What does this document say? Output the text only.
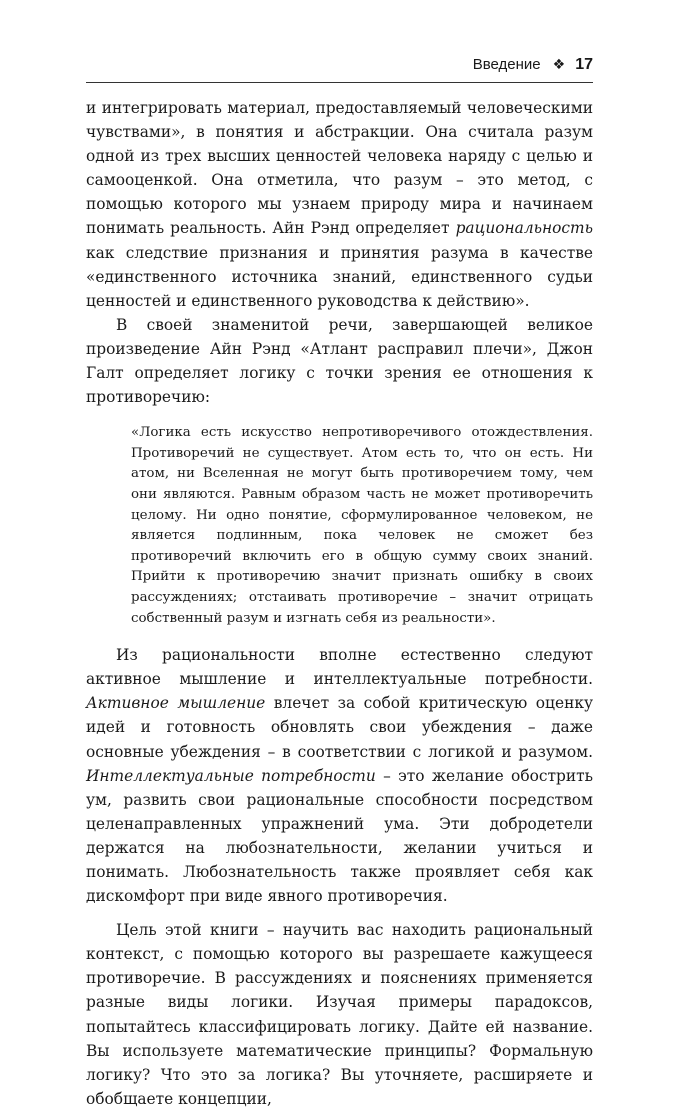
Введение ❖ 17

и интегрировать материал, предоставляемый человеческими чувствами», в понятия и абстракции. Она считала разум одной из трех высших ценностей человека наряду с целью и самооценкой. Она отметила, что разум – это метод, с помощью которого мы узнаем природу мира и начинаем понимать реальность. Айн Рэнд определяет рациональность как следствие признания и принятия разума в качестве «единственного источника знаний, единственного судьи ценностей и единственного руководства к действию».

В своей знаменитой речи, завершающей великое произведение Айн Рэнд «Атлант расправил плечи», Джон Галт определяет логику с точки зрения ее отношения к противоречию:

«Логика есть искусство непротиворечивого отождествления. Противоречий не существует. Атом есть то, что он есть. Ни атом, ни Вселенная не могут быть противоречием тому, чем они являются. Равным образом часть не может противоречить целому. Ни одно понятие, сформулированное человеком, не является подлинным, пока человек не сможет без противоречий включить его в общую сумму своих знаний. Прийти к противоречию значит признать ошибку в своих рассуждениях; отстаивать противоречие – значит отрицать собственный разум и изгнать себя из реальности».

Из рациональности вполне естественно следуют активное мышление и интеллектуальные потребности. Активное мышление влечет за собой критическую оценку идей и готовность обновлять свои убеждения – даже основные убеждения – в соответствии с логикой и разумом. Интеллектуальные потребности – это желание обострить ум, развить свои рациональные способности посредством целенаправленных упражнений ума. Эти добродетели держатся на любознательности, желании учиться и понимать. Любознательность также проявляет себя как дискомфорт при виде явного противоречия.

Цель этой книги – научить вас находить рациональный контекст, с помощью которого вы разрешаете кажущееся противоречие. В рассуждениях и пояснениях применяется разные виды логики. Изучая примеры парадоксов, попытайтесь классифицировать логику. Дайте ей название. Вы используете математические принципы? Формальную логику? Что это за логика? Вы уточняете, расширяете и обобщаете концепции,
